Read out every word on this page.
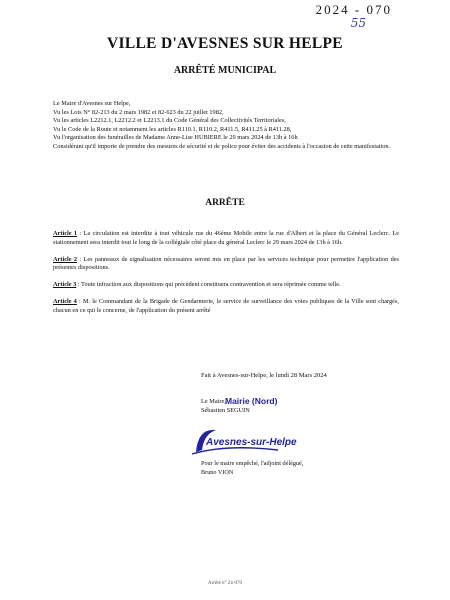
2024 - 070
55
VILLE D'AVESNES SUR HELPE
ARRÊTÉ MUNICIPAL
Le Maire d'Avesnes sur Helpe,
Vu les Lois N° 82-213 du 2 mars 1982 et 82-623 du 22 juillet 1982,
Vu les articles L2212.1, L2212.2 et L2213.1 du Code Général des Collectivités Territoriales,
Vu le Code de la Route et notamment les articles R110.1, R110.2, R411.5, R411.25 à R411.28,
Vu l'organisation des funérailles de Madame Anne-Lise HUBIERE le 29 mars 2024 de 13h à 16h
Considérant qu'il importe de prendre des mesures de sécurité et de police pour éviter des accidents à l'occasion de cette manifestation.
ARRÊTE
Article 1 : La circulation est interdite à tout véhicule rue du 46ème Mobile entre la rue d'Albert et la place du Général Leclerc. Le stationnement sera interdit tout le long de la collégiale côté place du général Leclerc le 29 mars 2024 de 13h à 16h.
Article 2 : Les panneaux de signalisation nécessaires seront mis en place par les services technique pour permettre l'application des présentes dispositions.
Article 3 : Toute infraction aux dispositions qui précèdent constituera contravention et sera réprimée comme telle.
Article 4 : M. le Commandant de la Brigade de Gendarmerie, le service de surveillance des voies publiques de la Ville sont chargés, chacun en ce qui le concerne, de l'application du présent arrêté
Fait à Avesnes-sur-Helpe, le lundi 28 Mars 2024
Le Maire,
Sébastien SEGUIN
Mairie (Nord)
Avesnes-sur-Helpe
Pour le maire empêché, l'adjoint délégué,
Bruno VION
Arrêté n° 24-070
